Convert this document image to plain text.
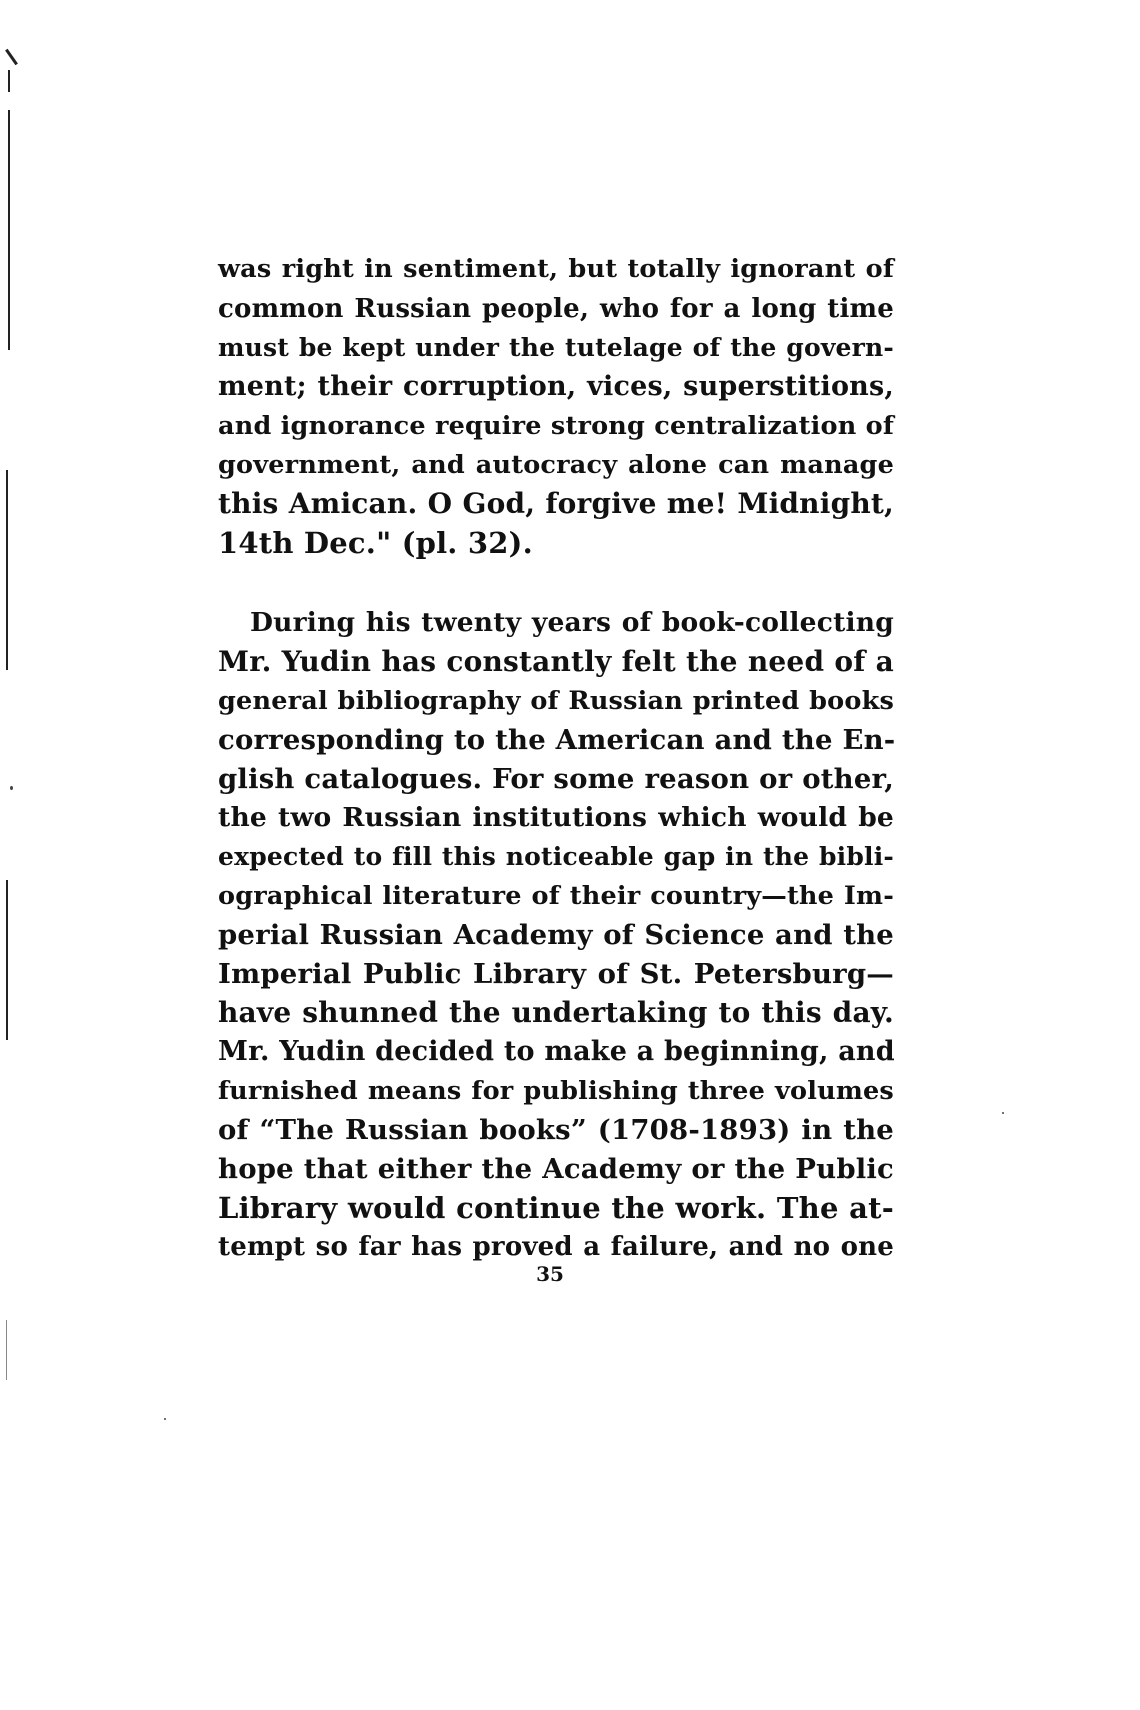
was right in sentiment, but totally ignorant of
common Russian people, who for a long time
must be kept under the tutelage of the govern-
ment; their corruption, vices, superstitions,
and ignorance require strong centralization of
government, and autocracy alone can manage
this Amican. O God, forgive me! Midnight,
14th Dec." (pl. 32).
During his twenty years of book-collecting
Mr. Yudin has constantly felt the need of a
general bibliography of Russian printed books
corresponding to the American and the En-
glish catalogues. For some reason or other,
the two Russian institutions which would be
expected to fill this noticeable gap in the bibli-
ographical literature of their country—the Im-
perial Russian Academy of Science and the
Imperial Public Library of St. Petersburg—
have shunned the undertaking to this day.
Mr. Yudin decided to make a beginning, and
furnished means for publishing three volumes
of “The Russian books” (1708-1893) in the
hope that either the Academy or the Public
Library would continue the work. The at-
tempt so far has proved a failure, and no one
35
